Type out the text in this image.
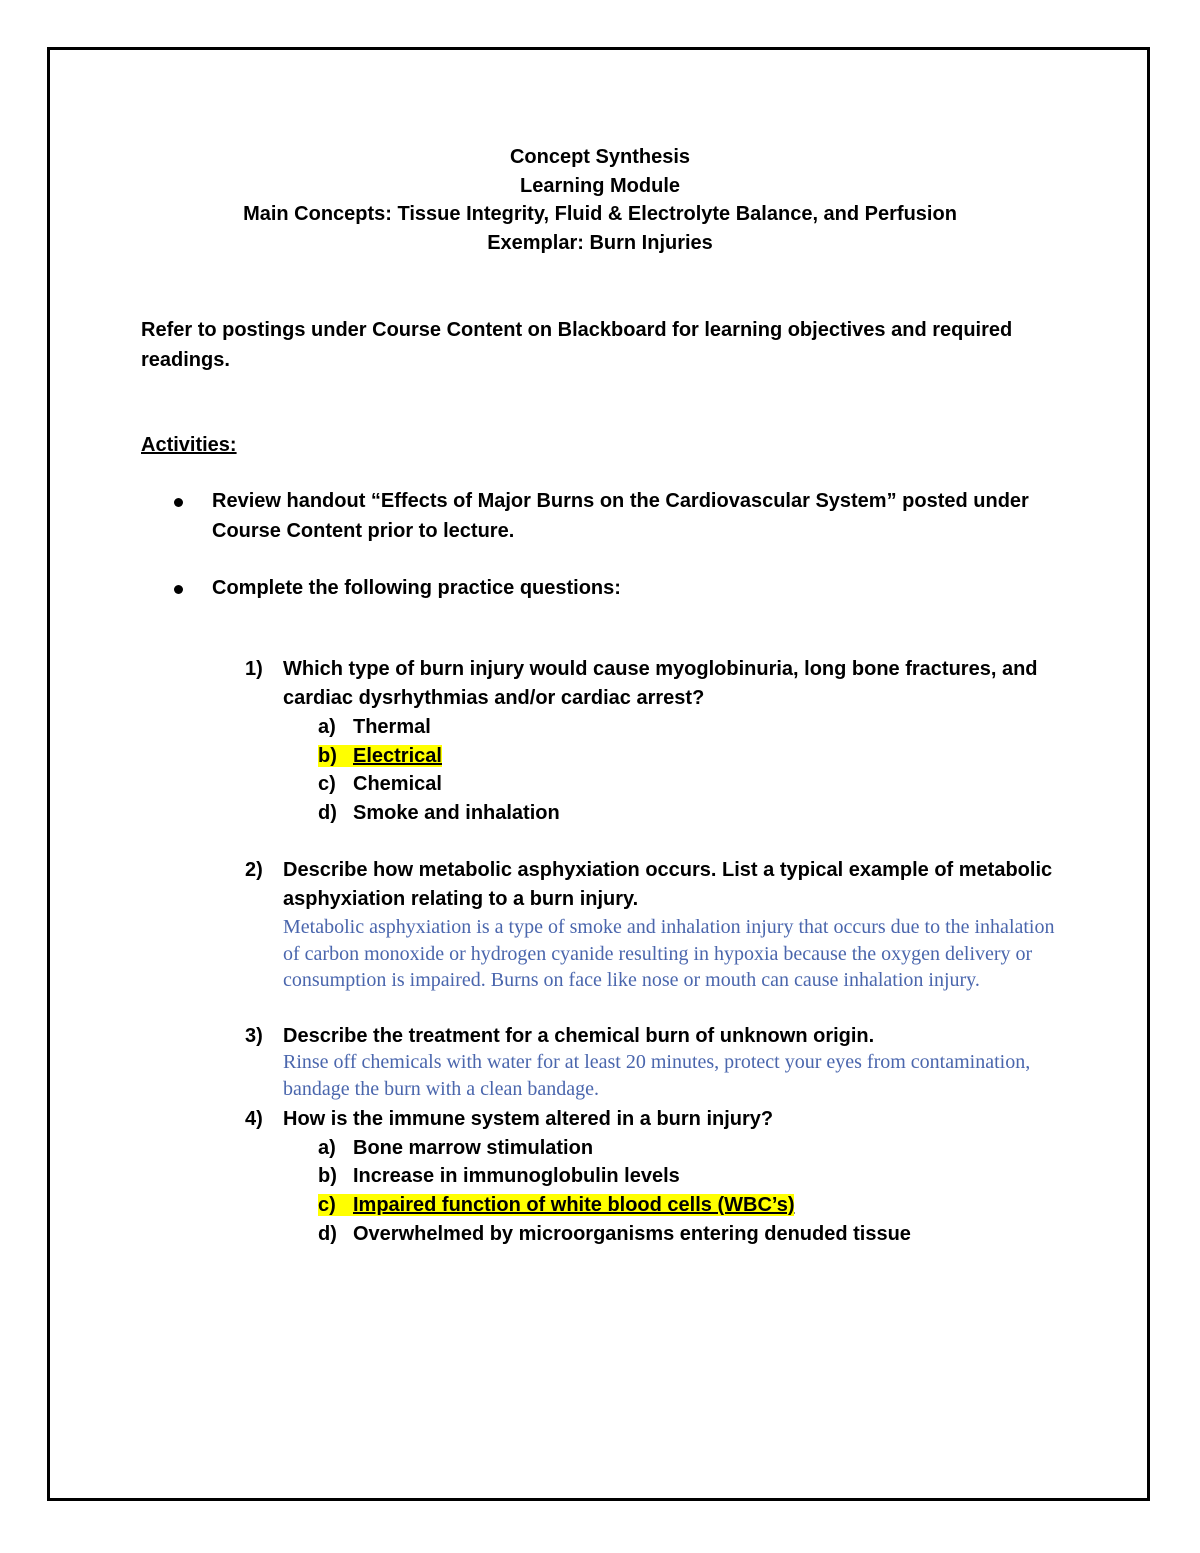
Concept Synthesis
Learning Module
Main Concepts: Tissue Integrity, Fluid & Electrolyte Balance, and Perfusion
Exemplar: Burn Injuries
Refer to postings under Course Content on Blackboard for learning objectives and required readings.
Activities:
Review handout “Effects of Major Burns on the Cardiovascular System” posted under Course Content prior to lecture.
Complete the following practice questions:
1) Which type of burn injury would cause myoglobinuria, long bone fractures, and cardiac dysrhythmias and/or cardiac arrest?
a) Thermal
b) Electrical
c) Chemical
d) Smoke and inhalation
2) Describe how metabolic asphyxiation occurs. List a typical example of metabolic asphyxiation relating to a burn injury.
Metabolic asphyxiation is a type of smoke and inhalation injury that occurs due to the inhalation of carbon monoxide or hydrogen cyanide resulting in hypoxia because the oxygen delivery or consumption is impaired. Burns on face like nose or mouth can cause inhalation injury.
3) Describe the treatment for a chemical burn of unknown origin.
Rinse off chemicals with water for at least 20 minutes, protect your eyes from contamination, bandage the burn with a clean bandage.
4) How is the immune system altered in a burn injury?
a) Bone marrow stimulation
b) Increase in immunoglobulin levels
c) Impaired function of white blood cells (WBC’s)
d) Overwhelmed by microorganisms entering denuded tissue
